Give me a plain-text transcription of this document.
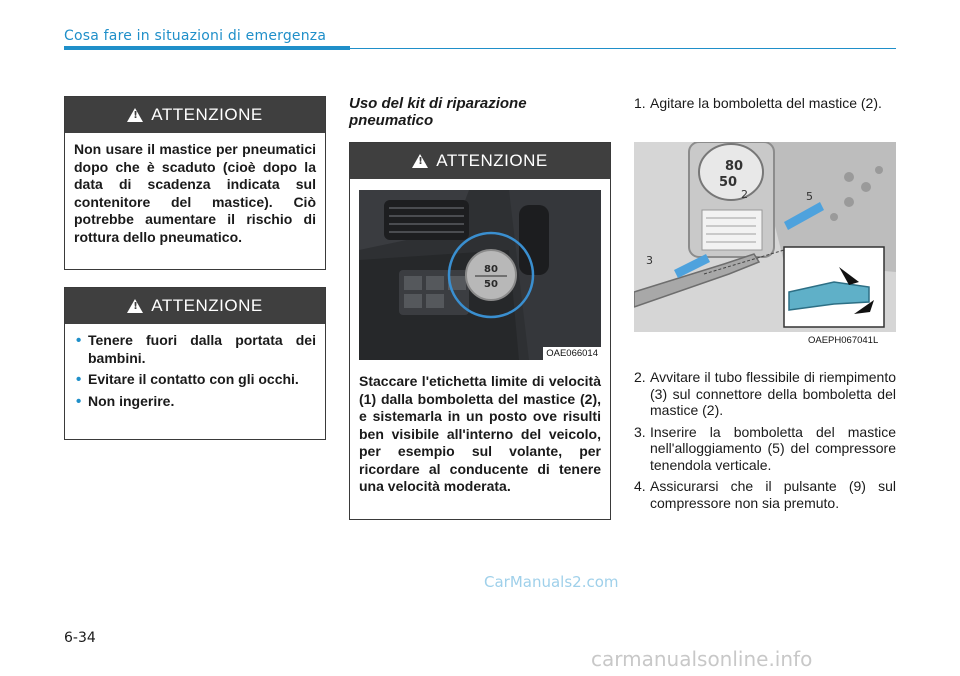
Cosa fare in situazioni di emergenza
!
ATTENZIONE
Non usare il mastice per pneumatici dopo che è scaduto (cioè dopo la data di scadenza indicata sul contenitore del mastice). Ciò potrebbe aumentare il rischio di rottura dello pneumatico.
!
ATTENZIONE
• Tenere fuori dalla portata dei bambini.
• Evitare il contatto con gli occhi.
• Non ingerire.
Uso del kit di riparazione pneumatico
!
ATTENZIONE
80
50
OAE066014
Staccare l'etichetta limite di velocità (1) dalla bomboletta del mastice (2), e sistemarla in un posto ove risulti ben visibile all'interno del veicolo, per esempio sul volante, per ricordare al conducente di tenere una velocità moderata.
1. Agitare la bomboletta del mastice (2).
80
50
2	5
3
OAEPH067041L
2. Avvitare il tubo flessibile di riempimento (3) sul connettore della bomboletta del mastice (2).
3. Inserire la bomboletta del mastice nell'alloggiamento (5) del compressore tenendola verticale.
4. Assicurarsi che il pulsante (9) sul compressore non sia premuto.
CarManuals2.com
6-34
carmanualsonline.info
